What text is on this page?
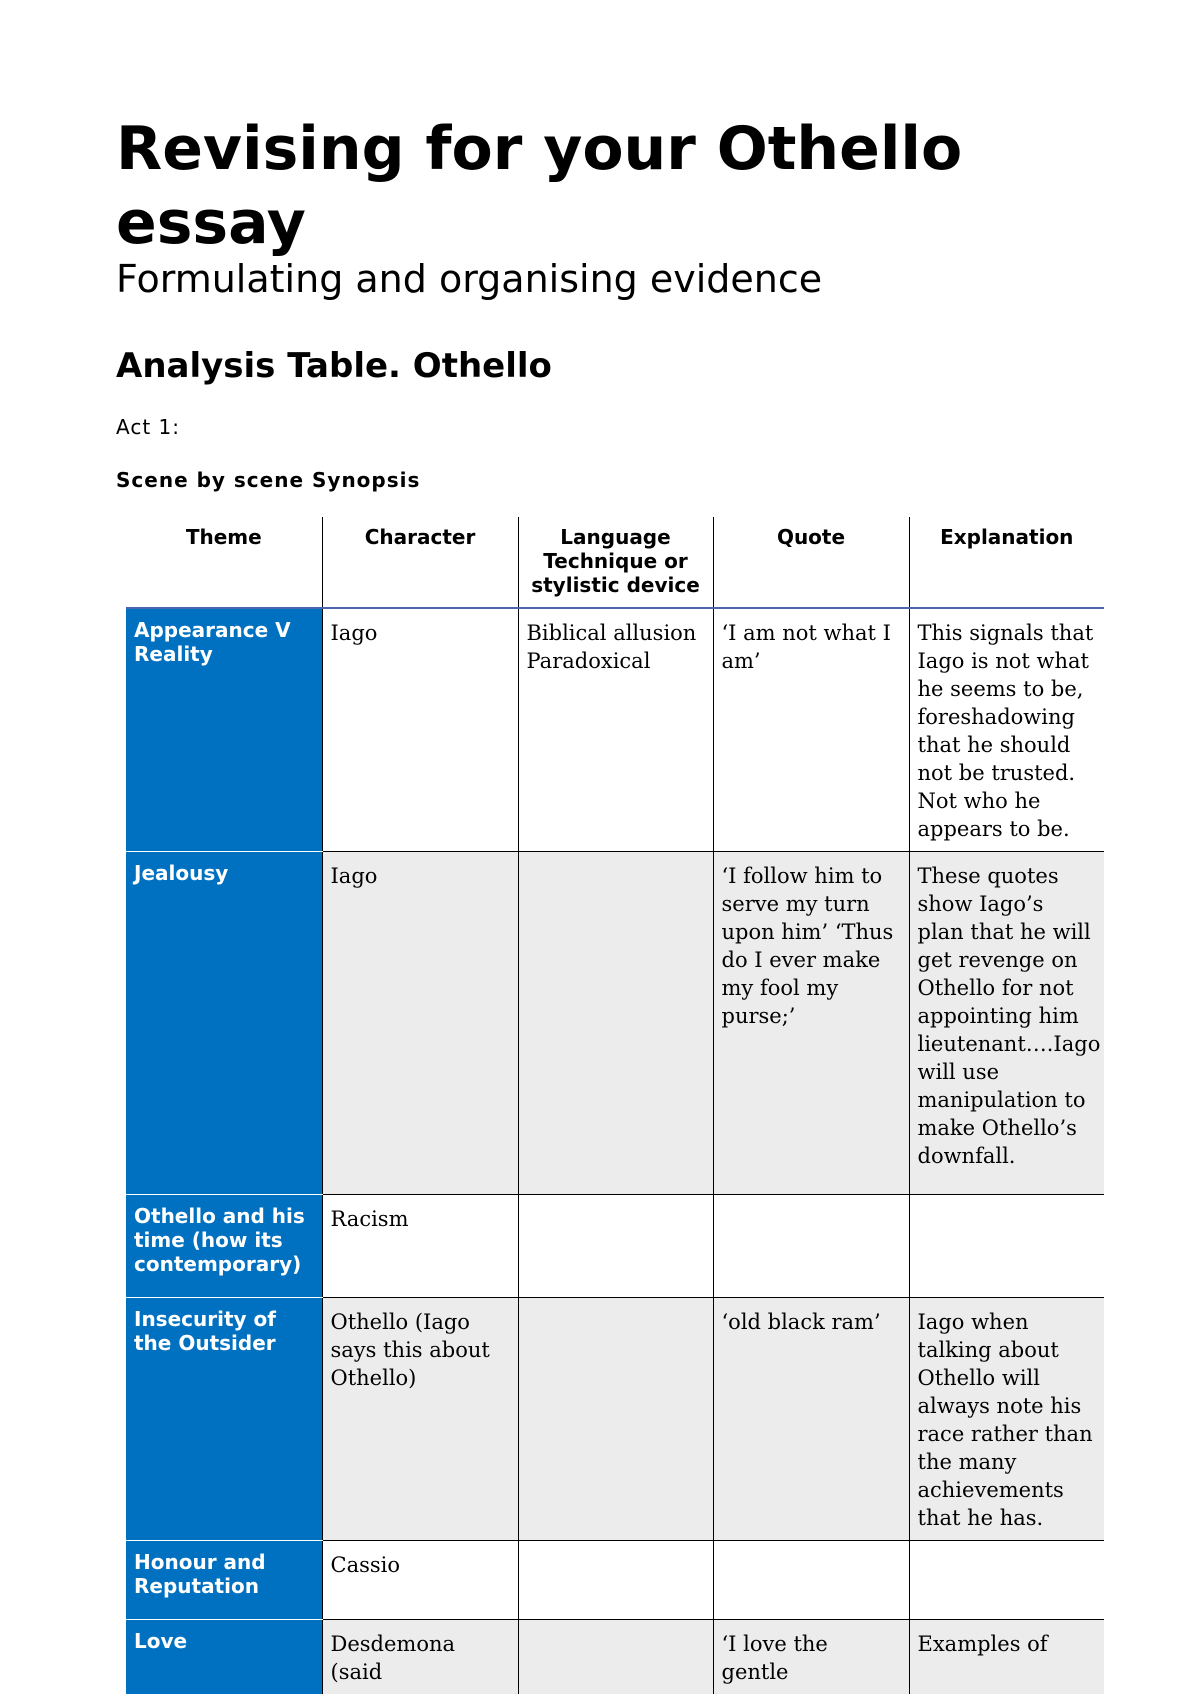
Revising for your Othello essay

Formulating and organising evidence

Analysis Table. Othello

Act 1:

Scene by scene Synopsis

Theme	Character	Language Technique or stylistic device	Quote	Explanation
Appearance V Reality	Iago	Biblical allusion Paradoxical	‘I am not what I am’	This signals that Iago is not what he seems to be, foreshadowing that he should not be trusted. Not who he appears to be.
Jealousy	Iago		‘I follow him to serve my turn upon him’ ‘Thus do I ever make my fool my purse;’	These quotes show Iago’s plan that he will get revenge on Othello for not appointing him lieutenant….Iago will use manipulation to make Othello’s downfall.
Othello and his time (how its contemporary)	Racism			
Insecurity of the Outsider	Othello (Iago says this about Othello)		‘old black ram’	Iago when talking about Othello will always note his race rather than the many achievements that he has.
Honour and Reputation	Cassio			
Love	Desdemona (said		‘I love the gentle	Examples of
